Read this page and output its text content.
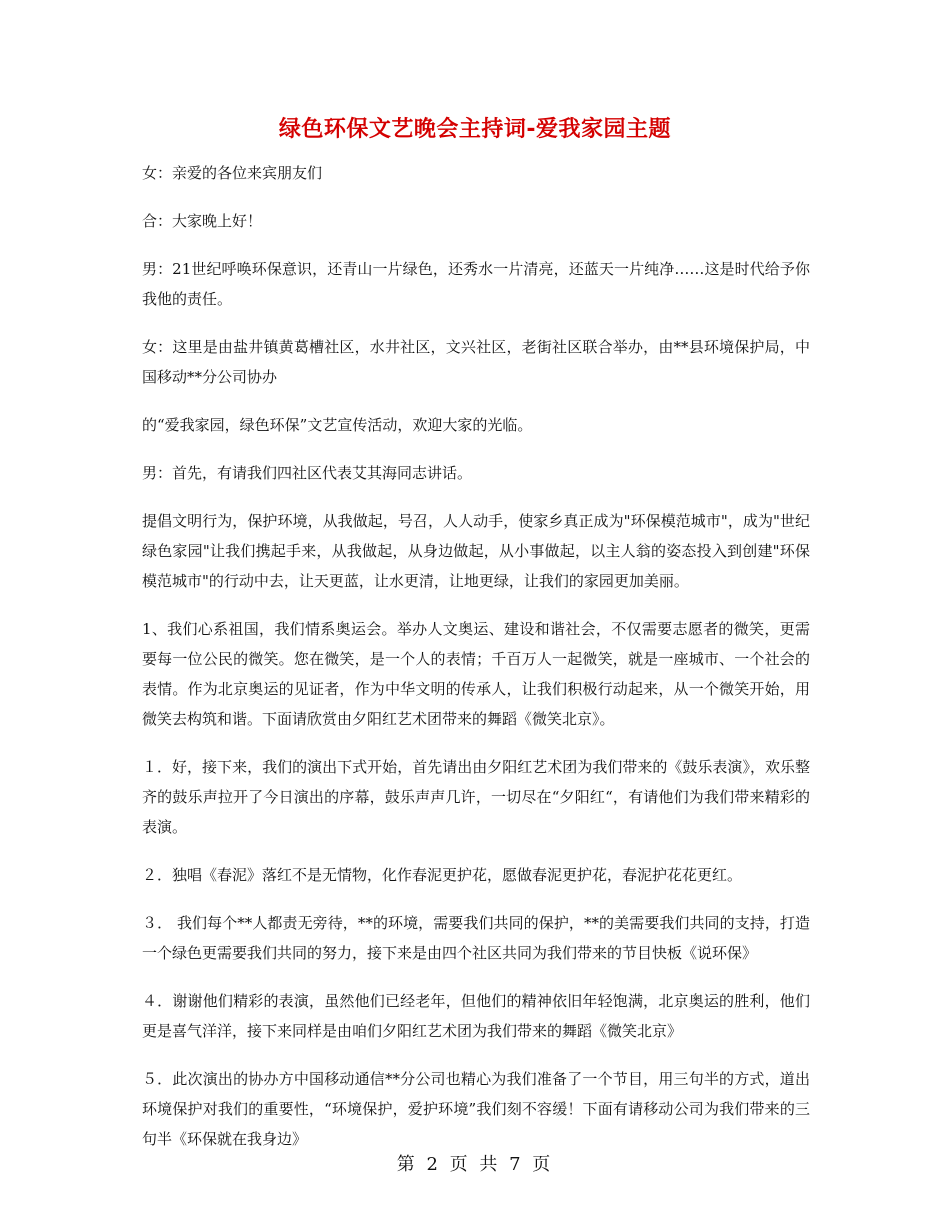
绿色环保文艺晚会主持词-爱我家园主题

女：亲爱的各位来宾朋友们

合：大家晚上好！

男：21世纪呼唤环保意识，还青山一片绿色，还秀水一片清亮，还蓝天一片纯净……这是时代给予你我他的责任。

女：这里是由盐井镇黄葛槽社区，水井社区，文兴社区，老街社区联合举办，由**县环境保护局，中国移动**分公司协办

的“爱我家园，绿色环保”文艺宣传活动，欢迎大家的光临。

男：首先，有请我们四社区代表艾其海同志讲话。

提倡文明行为，保护环境，从我做起，号召，人人动手，使家乡真正成为"环保模范城市"，成为"世纪绿色家园"让我们携起手来，从我做起，从身边做起，从小事做起，以主人翁的姿态投入到创建"环保模范城市"的行动中去，让天更蓝，让水更清，让地更绿，让我们的家园更加美丽。

1、我们心系祖国，我们情系奥运会。举办人文奥运、建设和谐社会，不仅需要志愿者的微笑，更需要每一位公民的微笑。您在微笑，是一个人的表情；千百万人一起微笑，就是一座城市、一个社会的表情。作为北京奥运的见证者，作为中华文明的传承人，让我们积极行动起来，从一个微笑开始，用微笑去构筑和谐。下面请欣赏由夕阳红艺术团带来的舞蹈《微笑北京》。

１．好，接下来，我们的演出下式开始，首先请出由夕阳红艺术团为我们带来的《鼓乐表演》，欢乐整齐的鼓乐声拉开了今日演出的序幕，鼓乐声声几许，一切尽在“夕阳红“，有请他们为我们带来精彩的表演。

２．独唱《春泥》落红不是无情物，化作春泥更护花，愿做春泥更护花，春泥护花花更红。

３． 我们每个**人都责无旁待，**的环境，需要我们共同的保护，**的美需要我们共同的支持，打造一个绿色更需要我们共同的努力，接下来是由四个社区共同为我们带来的节目快板《说环保》

４．谢谢他们精彩的表演，虽然他们已经老年，但他们的精神依旧年轻饱满，北京奥运的胜利，他们更是喜气洋洋，接下来同样是由咱们夕阳红艺术团为我们带来的舞蹈《微笑北京》

５．此次演出的协办方中国移动通信**分公司也精心为我们准备了一个节目，用三句半的方式，道出环境保护对我们的重要性，“环境保护，爱护环境”我们刻不容缓！下面有请移动公司为我们带来的三句半《环保就在我身边》

第 2 页 共 7 页
